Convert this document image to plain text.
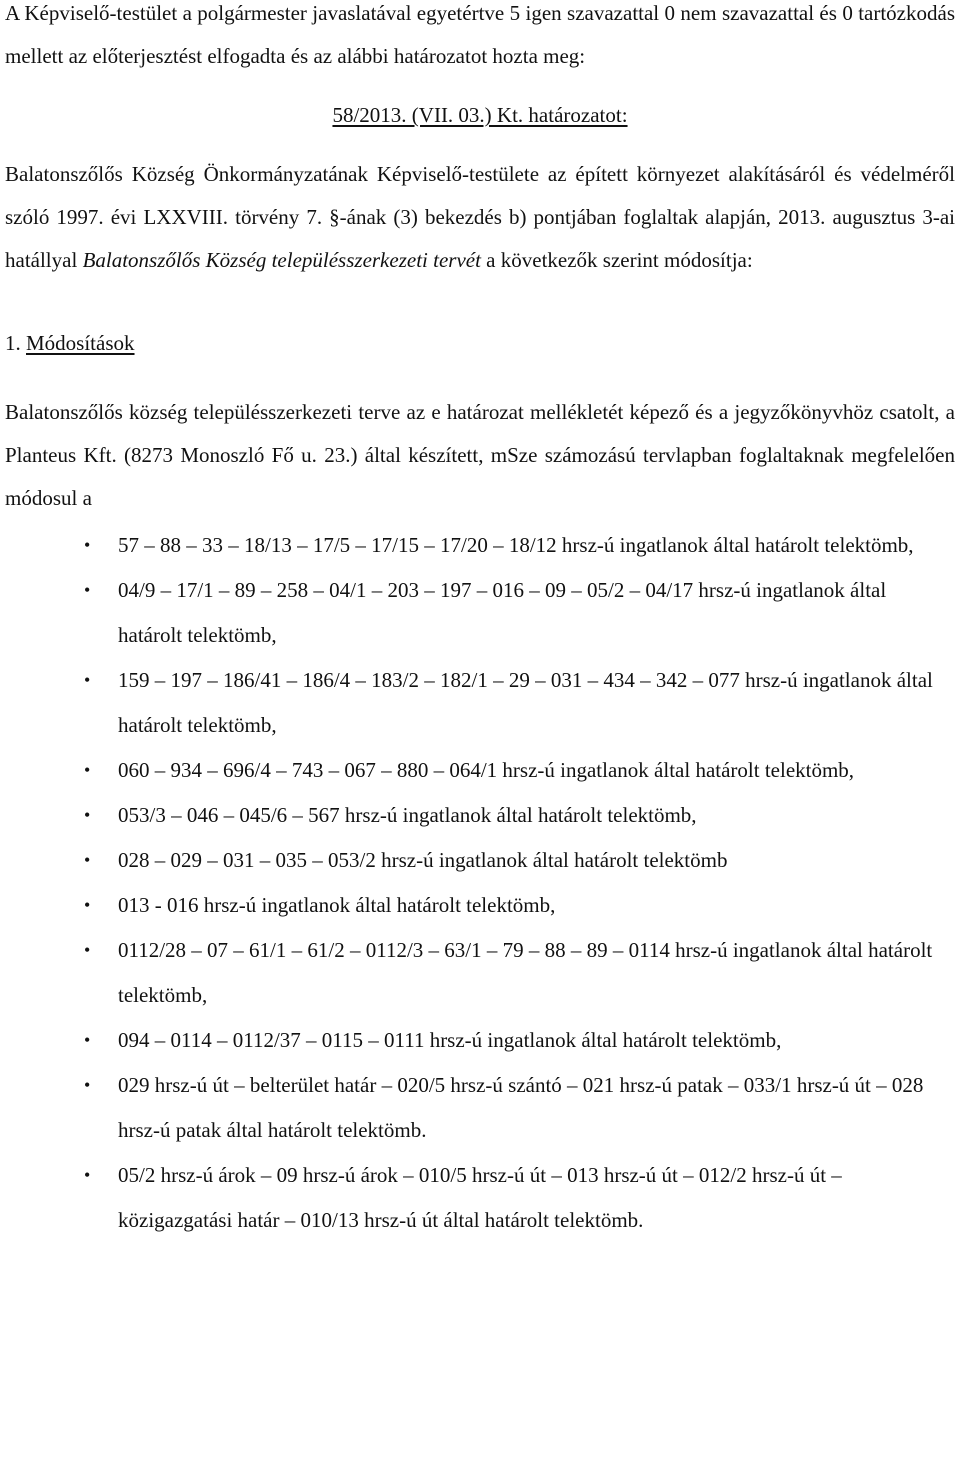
A Képviselő-testület a polgármester javaslatával egyetértve 5 igen szavazattal 0 nem szavazattal és 0 tartózkodás mellett az előterjesztést elfogadta és az alábbi határozatot hozta meg:

58/2013. (VII. 03.) Kt. határozatot:

Balatonszőlős Község Önkormányzatának Képviselő-testülete az épített környezet alakításáról és védelméről szóló 1997. évi LXXVIII. törvény 7. §-ának (3) bekezdés b) pontjában foglaltak alapján, 2013. augusztus 3-ai hatállyal Balatonszőlős Község településszerkezeti tervét a következők szerint módosítja:

1. Módosítások

Balatonszőlős község településszerkezeti terve az e határozat mellékletét képező és a jegyzőkönyvhöz csatolt, a Planteus Kft. (8273 Monoszló Fő u. 23.) által készített, mSze számozású tervlapban foglaltaknak megfelelően módosul a

• 57 – 88 – 33 – 18/13 – 17/5 – 17/15 – 17/20 – 18/12 hrsz-ú ingatlanok által határolt telektömb,
• 04/9 – 17/1 – 89 – 258 – 04/1 – 203 – 197 – 016 – 09 – 05/2 – 04/17 hrsz-ú ingatlanok által határolt telektömb,
• 159 – 197 – 186/41 – 186/4 – 183/2 – 182/1 – 29 – 031 – 434 – 342 – 077 hrsz-ú ingatlanok által határolt telektömb,
• 060 – 934 – 696/4 – 743 – 067 – 880 – 064/1 hrsz-ú ingatlanok által határolt telektömb,
• 053/3 – 046 – 045/6 – 567 hrsz-ú ingatlanok által határolt telektömb,
• 028 – 029 – 031 – 035 – 053/2 hrsz-ú ingatlanok által határolt telektömb
• 013 - 016 hrsz-ú ingatlanok által határolt telektömb,
• 0112/28 – 07 – 61/1 – 61/2 – 0112/3 – 63/1 – 79 – 88 – 89 – 0114 hrsz-ú ingatlanok által határolt telektömb,
• 094 – 0114 – 0112/37 – 0115 – 0111 hrsz-ú ingatlanok által határolt telektömb,
• 029 hrsz-ú út – belterület határ – 020/5 hrsz-ú szántó – 021 hrsz-ú patak – 033/1 hrsz-ú út – 028 hrsz-ú patak által határolt telektömb.
• 05/2 hrsz-ú árok – 09 hrsz-ú árok – 010/5 hrsz-ú út – 013 hrsz-ú út – 012/2 hrsz-ú út – közigazgatási határ – 010/13 hrsz-ú út által határolt telektömb.
